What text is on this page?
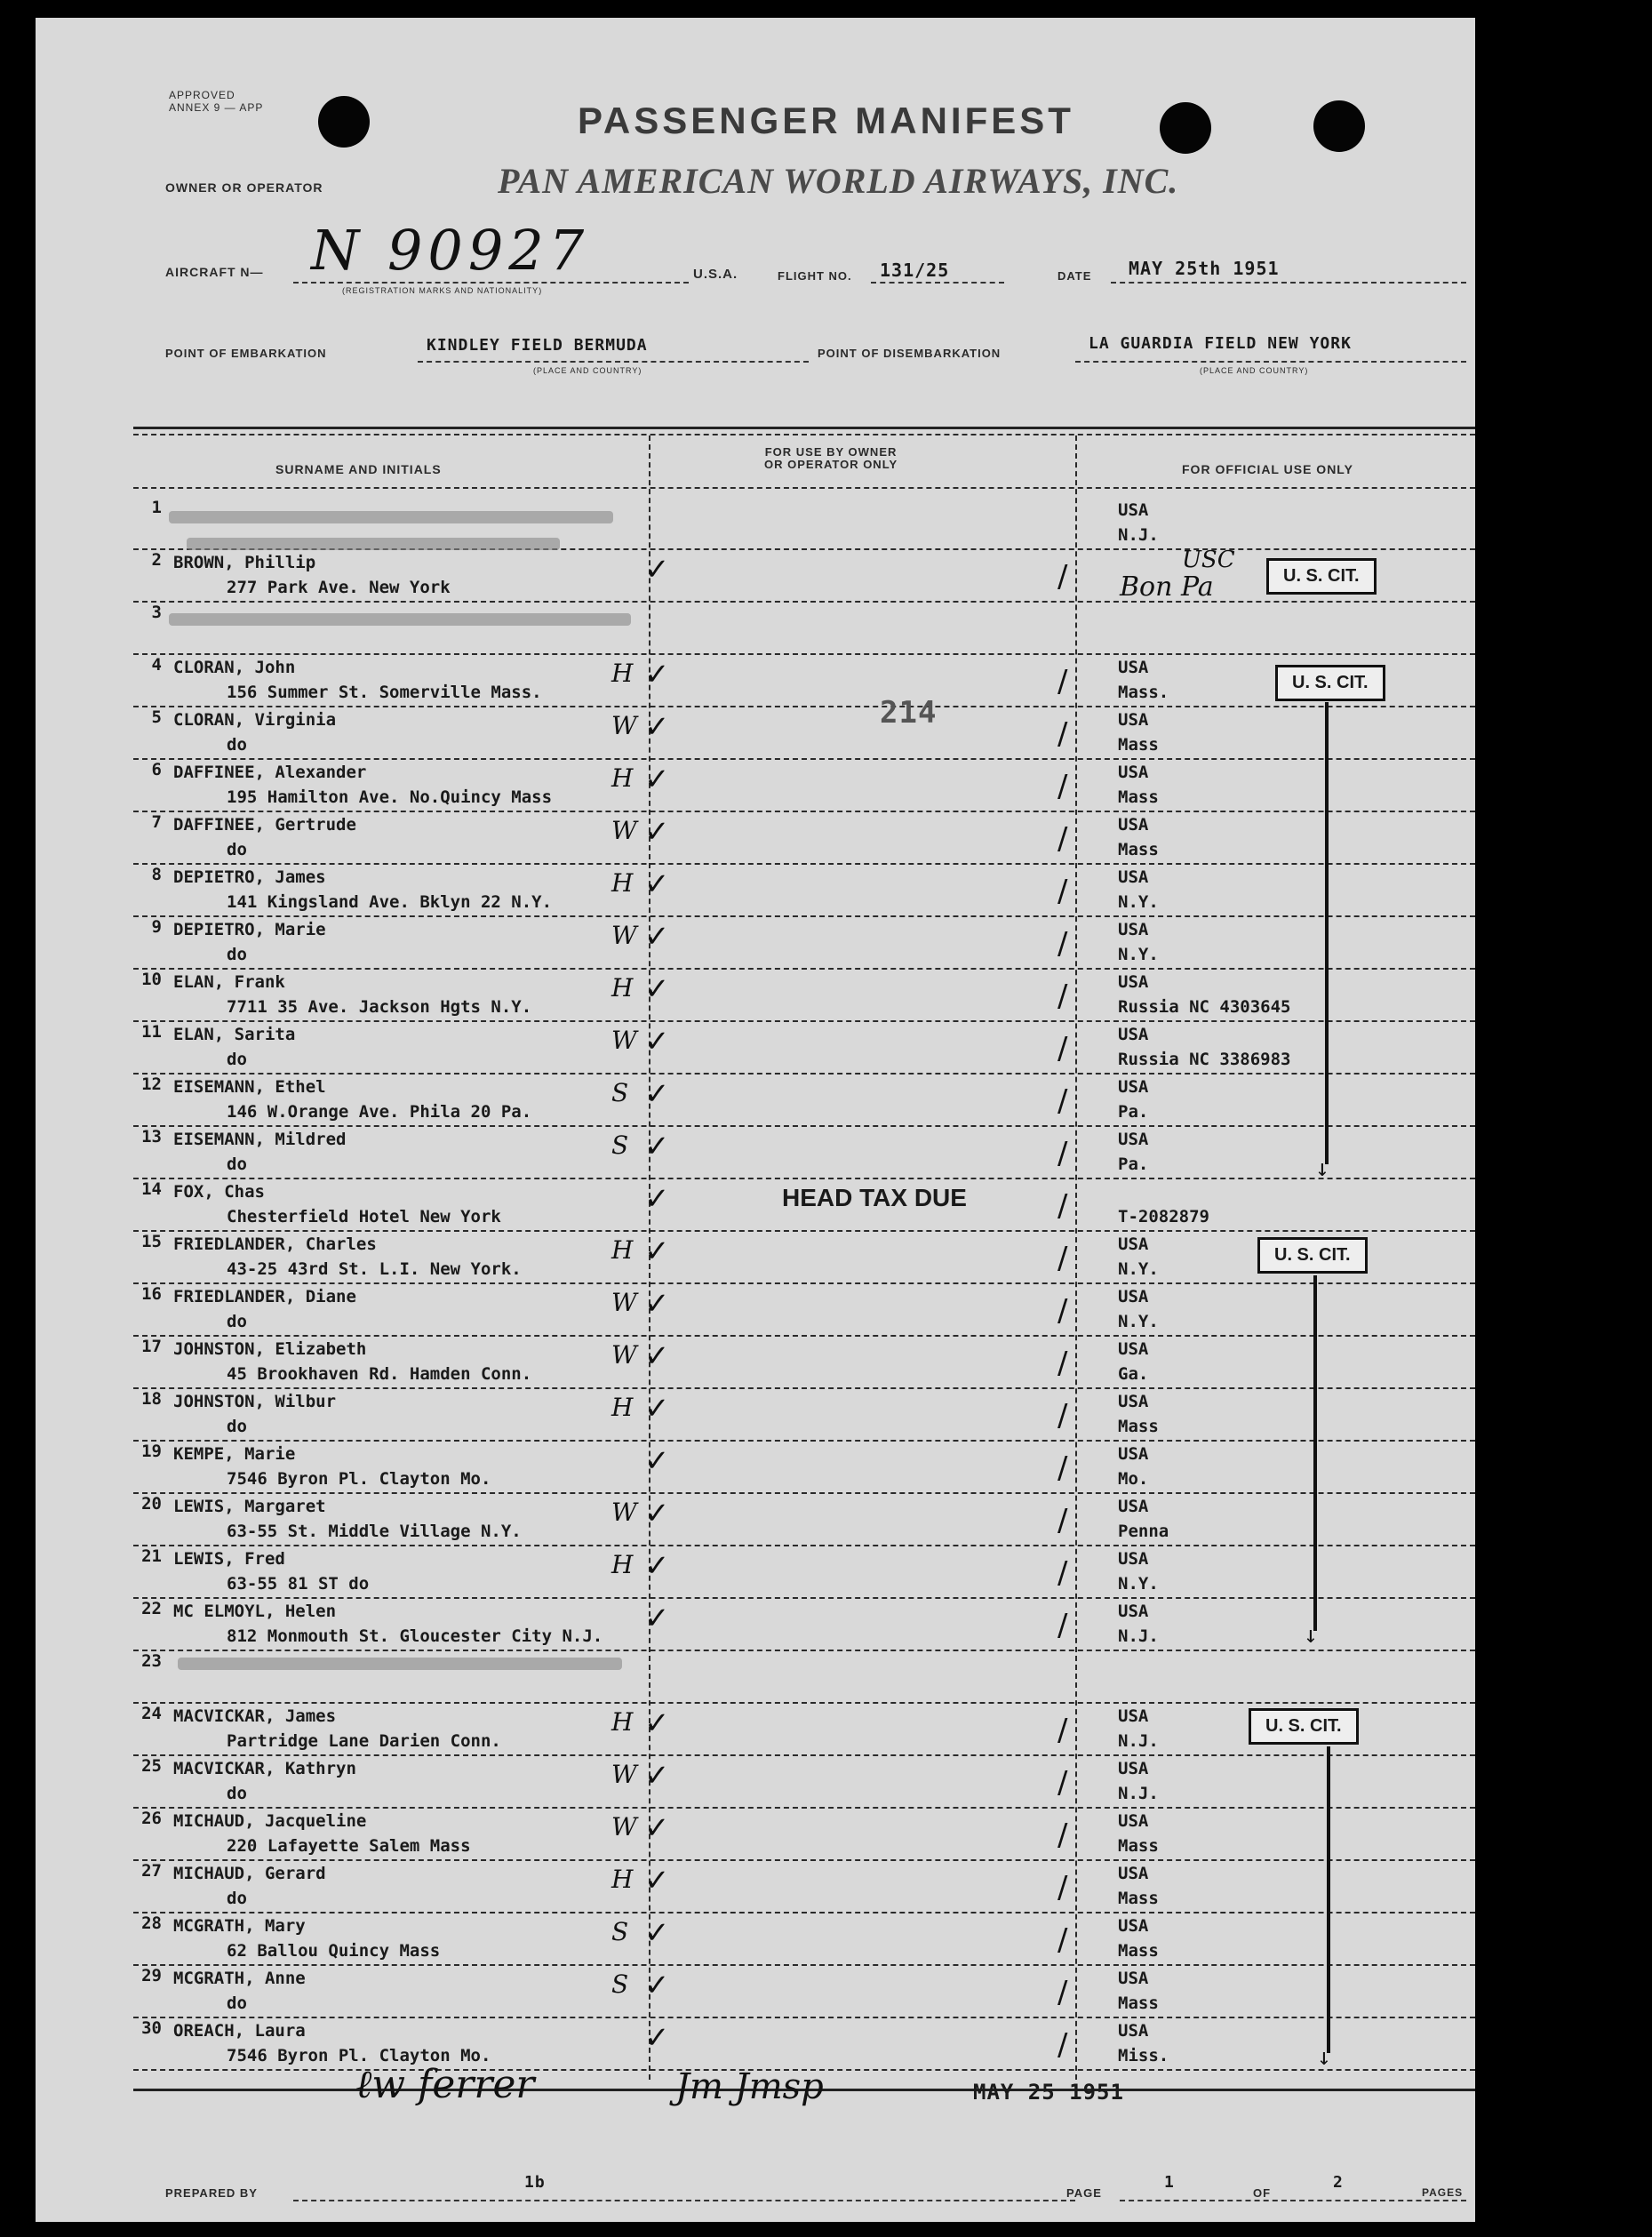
APPROVED
ANNEX 9 — APP	PASSENGER MANIFEST
OWNER OR OPERATOR	PAN AMERICAN WORLD AIRWAYS, INC.
AIRCRAFT N— N 90927
(REGISTRATION MARKS AND NATIONALITY)
U.S.A.	FLIGHT NO. 131/25	DATE MAY 25th 1951
POINT OF EMBARKATION	KINDLEY FIELD BERMUDA
(PLACE AND COUNTRY)
POINT OF DISEMBARKATION
LA GUARDIA FIELD NEW YORK
(PLACE AND COUNTRY)
SURNAME AND INITIALS
FOR USE BY OWNER
OR OPERATOR ONLY	FOR OFFICIAL USE ONLY
1	USA
N.J.
2 BROWN, Phillip
277 Park Ave. New York	✓	/
3
4 CLORAN, John
156 Summer St. Somerville Mass.
H ✓	/	USA
Mass.
5 CLORAN, Virginia
do
W ✓	/	USA
Mass
6 DAFFINEE, Alexander
195 Hamilton Ave. No.Quincy Mass
H ✓	/	USA
Mass
7 DAFFINEE, Gertrude
do
W ✓	/	USA
Mass
8 DEPIETRO, James
141 Kingsland Ave. Bklyn 22 N.Y.
H ✓	/	USA
N.Y.
9 DEPIETRO, Marie
do
W ✓	/	USA
N.Y.
10 ELAN, Frank
7711 35 Ave. Jackson Hgts N.Y.
H ✓	/	USA
Russia NC 4303645
11 ELAN, Sarita
do
W ✓	/	USA
Russia NC 3386983
12 EISEMANN, Ethel
146 W.Orange Ave. Phila 20 Pa.
S ✓	/	USA
Pa.
13 EISEMANN, Mildred
do
S ✓	/	USA
Pa.
14 FOX, Chas
Chesterfield Hotel New York	✓	/	T-2082879
15 FRIEDLANDER, Charles
43-25 43rd St. L.I. New York.
H ✓	/	USA
N.Y.
16 FRIEDLANDER, Diane
do
W ✓	/	USA
N.Y.
17 JOHNSTON, Elizabeth
45 Brookhaven Rd. Hamden Conn.
W ✓	/	USA
Ga.
18 JOHNSTON, Wilbur
do
H ✓	/	USA
Mass
19 KEMPE, Marie
7546 Byron Pl. Clayton Mo.	✓	/	USA
Mo.
20 LEWIS, Margaret
63-55 St. Middle Village N.Y.
W ✓	/	USA
Penna
21 LEWIS, Fred
63-55 81 ST do
H ✓	/	USA
N.Y.
22 MC ELMOYL, Helen
812 Monmouth St. Gloucester City N.J. ✓	/	USA
N.J.
23
24 MACVICKAR, James
Partridge Lane Darien Conn.
H ✓	/	USA
N.J.
25 MACVICKAR, Kathryn
do
W ✓	/	USA
N.J.
26 MICHAUD, Jacqueline
220 Lafayette Salem Mass
W ✓	/	USA
Mass
27 MICHAUD, Gerard
do
H ✓	/	USA
Mass
28 MCGRATH, Mary
62 Ballou Quincy Mass
S ✓	/	USA
Mass
29 MCGRATH, Anne
do
S ✓	/	USA
Mass
30 OREACH, Laura
7546 Byron Pl. Clayton Mo.	✓	/	USA
Miss.
214
HEAD TAX DUE
Bon Pa
USC
U. S. CIT.
U. S. CIT.
U. S. CIT.
U. S. CIT.
↓
↓
↓
ℓw ferrer	Jm Jmsp	MAY 25 1951
PREPARED BY
1b
PAGE
1
OF
2
PAGES
